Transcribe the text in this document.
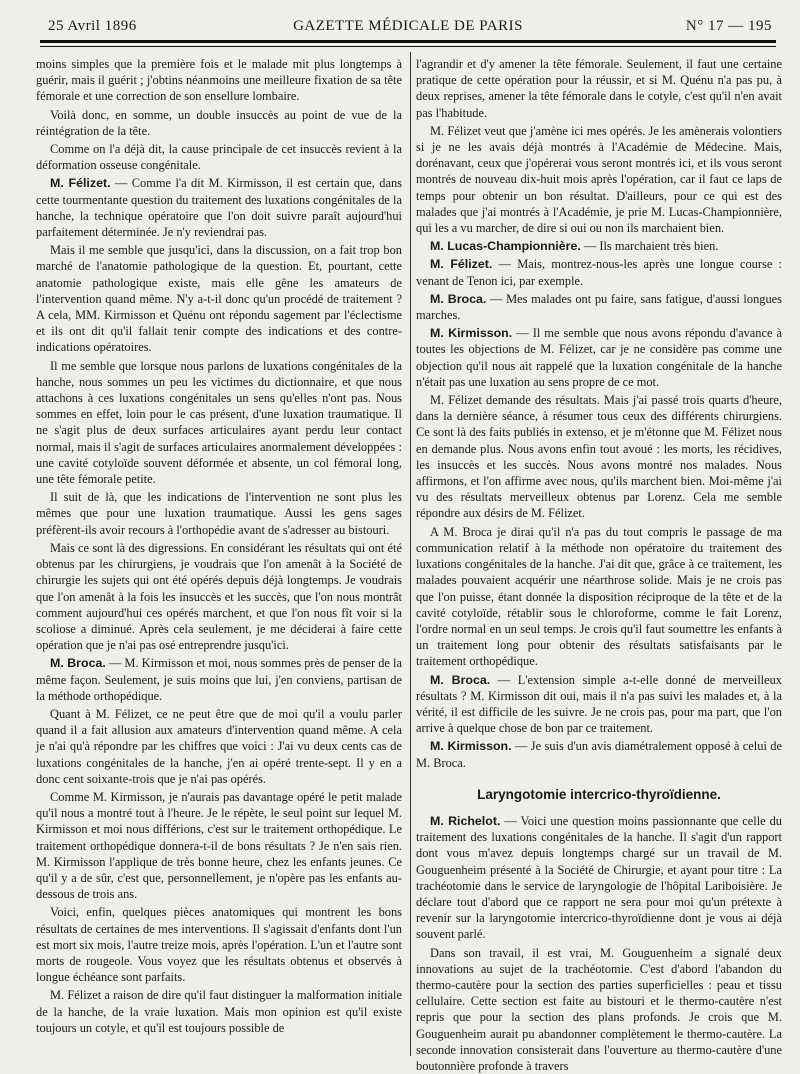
25 Avril 1896	GAZETTE MÉDICALE DE PARIS	N° 17 — 195

moins simples que la première fois et le malade mit plus longtemps à guérir, mais il guérit ; j'obtins néanmoins une meilleure fixation de sa tête fémorale et une correction de son ensellure lombaire.

Voilà donc, en somme, un double insuccès au point de vue de la réintégration de la tête.

Comme on l'a déjà dit, la cause principale de cet insuccès revient à la déformation osseuse congénitale.

M. Félizet. — Comme l'a dit M. Kirmisson, il est certain que, dans cette tourmentante question du traitement des luxations congénitales de la hanche, la technique opératoire que l'on doit suivre paraît aujourd'hui parfaitement déterminée. Je n'y reviendrai pas.

Mais il me semble que jusqu'ici, dans la discussion, on a fait trop bon marché de l'anatomie pathologique de la question. Et, pourtant, cette anatomie pathologique existe, mais elle gêne les amateurs de l'intervention quand même. N'y a-t-il donc qu'un procédé de traitement ? A cela, MM. Kirmisson et Quénu ont répondu sagement par l'éclectisme et ils ont dit qu'il fallait tenir compte des indications et des contre-indications opératoires.

Il me semble que lorsque nous parlons de luxations congénitales de la hanche, nous sommes un peu les victimes du dictionnaire, et que nous attachons à ces luxations congénitales un sens qu'elles n'ont pas. Nous sommes en effet, loin pour le cas présent, d'une luxation traumatique. Il ne s'agit plus de deux surfaces articulaires ayant perdu leur contact normal, mais il s'agit de surfaces articulaires anormalement développées : une cavité cotyloïde souvent déformée et absente, un col fémoral long, une tête fémorale petite.

Il suit de là, que les indications de l'intervention ne sont plus les mêmes que pour une luxation traumatique. Aussi les gens sages préfèrent-ils avoir recours à l'orthopédie avant de s'adresser au bistouri.

Mais ce sont là des digressions. En considérant les résultats qui ont été obtenus par les chirurgiens, je voudrais que l'on amenât à la Société de chirurgie les sujets qui ont été opérés depuis déjà longtemps. Je voudrais que l'on amenât à la fois les insuccès et les succès, que l'on nous montrât comment aujourd'hui ces opérés marchent, et que l'on nous fît voir si la scoliose a diminué. Après cela seulement, je me déciderai à faire cette opération que je n'ai pas osé entreprendre jusqu'ici.

M. Broca. — M. Kirmisson et moi, nous sommes près de penser de la même façon. Seulement, je suis moins que lui, j'en conviens, partisan de la méthode orthopédique.

Quant à M. Félizet, ce ne peut être que de moi qu'il a voulu parler quand il a fait allusion aux amateurs d'intervention quand même. A cela je n'ai qu'à répondre par les chiffres que voici : J'ai vu deux cents cas de luxations congénitales de la hanche, j'en ai opéré trente-sept. Il y en a donc cent soixante-trois que je n'ai pas opérés.

Comme M. Kirmisson, je n'aurais pas davantage opéré le petit malade qu'il nous a montré tout à l'heure. Je le répète, le seul point sur lequel M. Kirmisson et moi nous différions, c'est sur le traitement orthopédique. Le traitement orthopédique donnera-t-il de bons résultats ? Je n'en sais rien. M. Kirmisson l'applique de très bonne heure, chez les enfants jeunes. Ce qu'il y a de sûr, c'est que, personnellement, je n'opère pas les enfants au-dessous de trois ans.

Voici, enfin, quelques pièces anatomiques qui montrent les bons résultats de certaines de mes interventions. Il s'agissait d'enfants dont l'un est mort six mois, l'autre treize mois, après l'opération. L'un et l'autre sont morts de rougeole. Vous voyez que les résultats obtenus et observés à longue échéance sont parfaits.

M. Félizet a raison de dire qu'il faut distinguer la malformation initiale de la hanche, de la vraie luxation. Mais mon opinion est qu'il existe toujours un cotyle, et qu'il est toujours possible de

l'agrandir et d'y amener la tête fémorale. Seulement, il faut une certaine pratique de cette opération pour la réussir, et si M. Quénu n'a pas pu, à deux reprises, amener la tête fémorale dans le cotyle, c'est qu'il n'en avait pas l'habitude.

M. Félizet veut que j'amène ici mes opérés. Je les amènerais volontiers si je ne les avais déjà montrés à l'Académie de Médecine. Mais, dorénavant, ceux que j'opérerai vous seront montrés ici, et ils vous seront montrés de nouveau dix-huit mois après l'opération, car il faut ce laps de temps pour obtenir un bon résultat. D'ailleurs, pour ce qui est des malades que j'ai montrés à l'Académie, je prie M. Lucas-Championnière, qui les a vu marcher, de dire si oui ou non ils marchaient bien.

M. Lucas-Championnière. — Ils marchaient très bien.

M. Félizet. — Mais, montrez-nous-les après une longue course : venant de Tenon ici, par exemple.

M. Broca. — Mes malades ont pu faire, sans fatigue, d'aussi longues marches.

M. Kirmisson. — Il me semble que nous avons répondu d'avance à toutes les objections de M. Félizet, car je ne considère pas comme une objection qu'il nous ait rappelé que la luxation congénitale de la hanche n'était pas une luxation au sens propre de ce mot.

M. Félizet demande des résultats. Mais j'ai passé trois quarts d'heure, dans la dernière séance, à résumer tous ceux des différents chirurgiens. Ce sont là des faits publiés in extenso, et je m'étonne que M. Félizet nous en demande plus. Nous avons enfin tout avoué : les morts, les récidives, les insuccès et les succès. Nous avons montré nos malades. Nous affirmons, et l'on affirme avec nous, qu'ils marchent bien. Moi-même j'ai vu des résultats merveilleux obtenus par Lorenz. Cela me semble répondre aux désirs de M. Félizet.

A M. Broca je dirai qu'il n'a pas du tout compris le passage de ma communication relatif à la méthode non opératoire du traitement des luxations congénitales de la hanche. J'ai dit que, grâce à ce traitement, les malades pouvaient acquérir une néarthrose solide. Mais je ne crois pas que l'on puisse, étant donnée la disposition réciproque de la tête et de la cavité cotyloïde, rétablir sous le chloroforme, comme le fait Lorenz, l'ordre normal en un seul temps. Je crois qu'il faut soumettre les enfants à un traitement long pour obtenir des résultats satisfaisants par le traitement orthopédique.

M. Broca. — L'extension simple a-t-elle donné de merveilleux résultats ? M. Kirmisson dit oui, mais il n'a pas suivi les malades et, à la vérité, il est difficile de les suivre. Je ne crois pas, pour ma part, que l'on arrive à quelque chose de bon par ce traitement.

M. Kirmisson. — Je suis d'un avis diamétralement opposé à celui de M. Broca.

Laryngotomie intercrico-thyroïdienne.

M. Richelot. — Voici une question moins passionnante que celle du traitement des luxations congénitales de la hanche. Il s'agit d'un rapport dont vous m'avez depuis longtemps chargé sur un travail de M. Gouguenheim présenté à la Société de Chirurgie, et ayant pour titre : La trachéotomie dans le service de laryngologie de l'hôpital Lariboisière. Je déclare tout d'abord que ce rapport ne sera pour moi qu'un prétexte à revenir sur la laryngotomie intercrico-thyroïdienne dont je vous ai déjà souvent parlé.

Dans son travail, il est vrai, M. Gouguenheim a signalé deux innovations au sujet de la trachéotomie. C'est d'abord l'abandon du thermo-cautère pour la section des parties superficielles : peau et tissu cellulaire. Cette section est faite au bistouri et le thermo-cautère n'est repris que pour la section des plans profonds. Je crois que M. Gouguenheim aurait pu abandonner complètement le thermo-cautère. La seconde innovation consisterait dans l'ouverture au thermo-cautère d'une boutonnière profonde à travers
